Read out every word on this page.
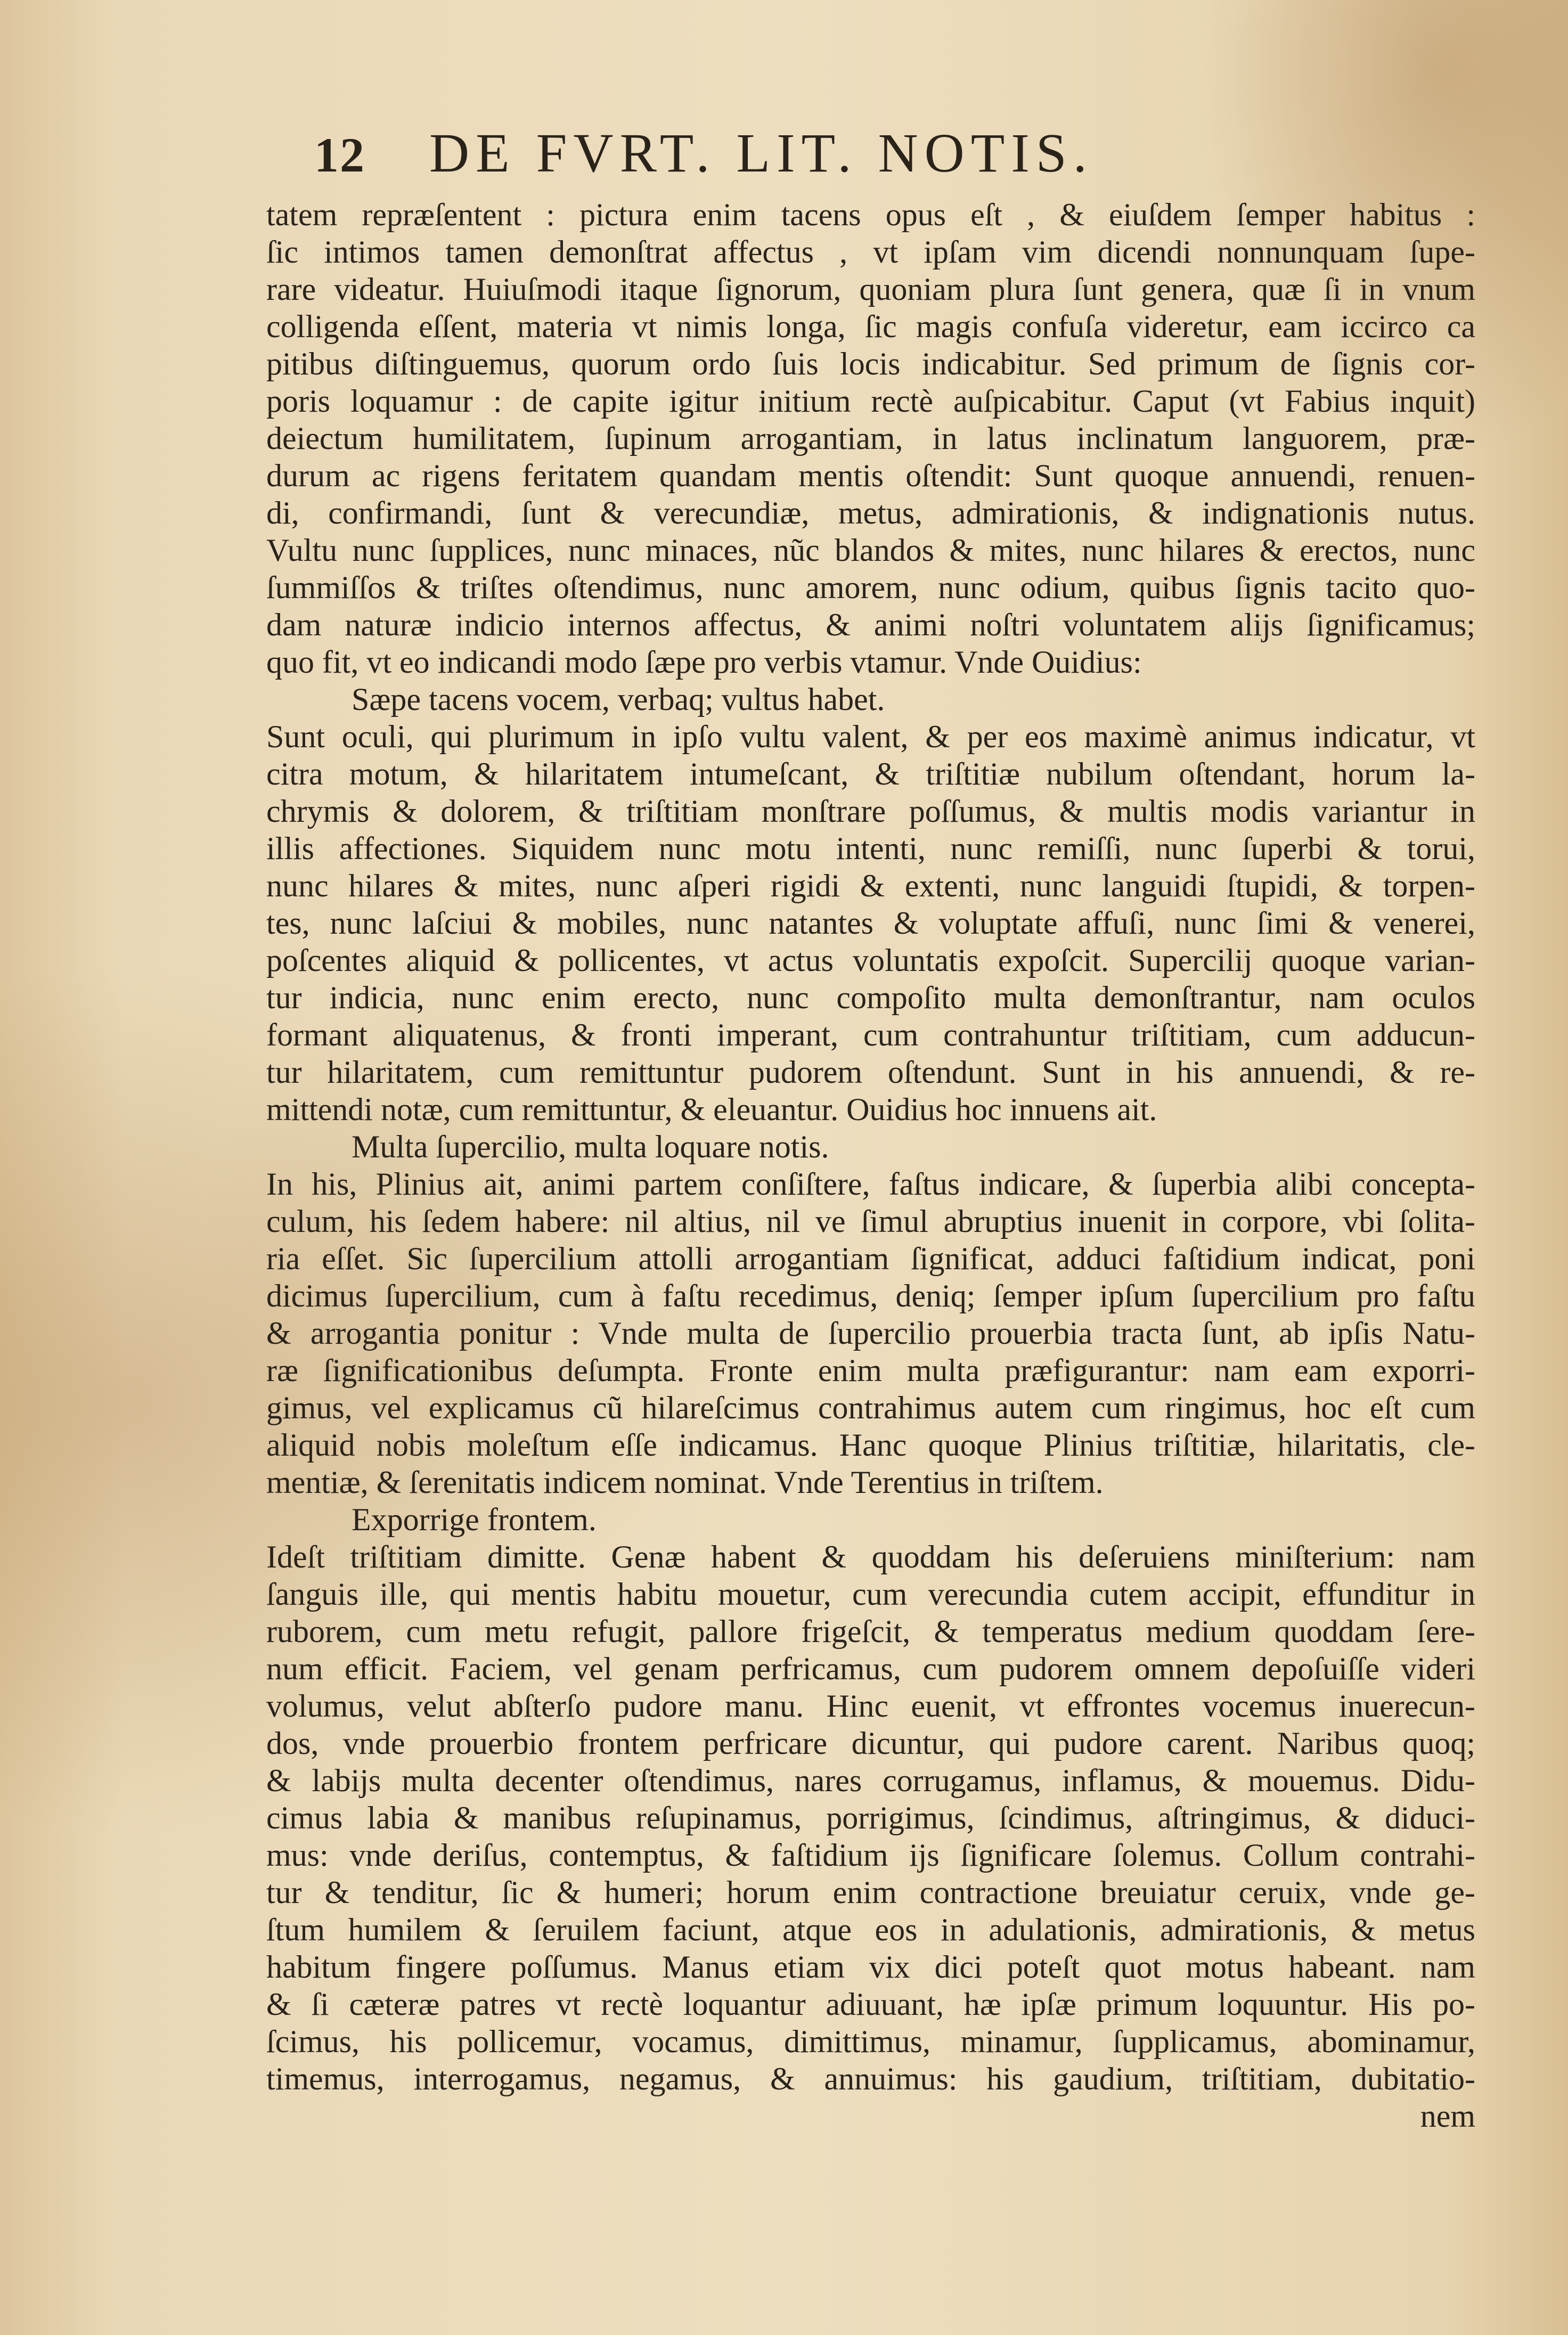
12 DE FVRT. LIT. NOTIS.
tatem repræſentent : pictura enim tacens opus eſt , & eiuſdem ſemper habitus :
ſic intimos tamen demonſtrat affectus , vt ipſam vim dicendi nonnunquam ſupe-
rare videatur. Huiuſmodi itaque ſignorum, quoniam plura ſunt genera, quæ ſi in vnum
colligenda eſſent, materia vt nimis longa, ſic magis confuſa videretur, eam iccirco ca
pitibus diſtinguemus, quorum ordo ſuis locis indicabitur. Sed primum de ſignis cor-
poris loquamur : de capite igitur initium rectè auſpicabitur. Caput (vt Fabius inquit)
deiectum humilitatem, ſupinum arrogantiam, in latus inclinatum languorem, præ-
durum ac rigens feritatem quandam mentis oſtendit: Sunt quoque annuendi, renuen-
di, confirmandi, ſunt & verecundiæ, metus, admirationis, & indignationis nutus.
Vultu nunc ſupplices, nunc minaces, nũc blandos & mites, nunc hilares & erectos, nunc
ſummiſſos & triſtes oſtendimus, nunc amorem, nunc odium, quibus ſignis tacito quo-
dam naturæ indicio internos affectus, & animi noſtri voluntatem alijs ſignificamus;
quo fit, vt eo indicandi modo ſæpe pro verbis vtamur. Vnde Ouidius:
Sæpe tacens vocem, verbaq; vultus habet.
Sunt oculi, qui plurimum in ipſo vultu valent, & per eos maximè animus indicatur, vt
citra motum, & hilaritatem intumeſcant, & triſtitiæ nubilum oſtendant, horum la-
chrymis & dolorem, & triſtitiam monſtrare poſſumus, & multis modis variantur in
illis affectiones. Siquidem nunc motu intenti, nunc remiſſi, nunc ſuperbi & torui,
nunc hilares & mites, nunc aſperi rigidi & extenti, nunc languidi ſtupidi, & torpen-
tes, nunc laſciui & mobiles, nunc natantes & voluptate affuſi, nunc ſimi & venerei,
poſcentes aliquid & pollicentes, vt actus voluntatis expoſcit. Supercilij quoque varian-
tur indicia, nunc enim erecto, nunc compoſito multa demonſtrantur, nam oculos
formant aliquatenus, & fronti imperant, cum contrahuntur triſtitiam, cum adducun-
tur hilaritatem, cum remittuntur pudorem oſtendunt. Sunt in his annuendi, & re-
mittendi notæ, cum remittuntur, & eleuantur. Ouidius hoc innuens ait.
Multa ſupercilio, multa loquare notis.
In his, Plinius ait, animi partem conſiſtere, faſtus indicare, & ſuperbia alibi concepta-
culum, his ſedem habere: nil altius, nil ve ſimul abruptius inuenit in corpore, vbi ſolita-
ria eſſet. Sic ſupercilium attolli arrogantiam ſignificat, adduci faſtidium indicat, poni
dicimus ſupercilium, cum à faſtu recedimus, deniq; ſemper ipſum ſupercilium pro faſtu
& arrogantia ponitur : Vnde multa de ſupercilio prouerbia tracta ſunt, ab ipſis Natu-
ræ ſignificationibus deſumpta. Fronte enim multa præfigurantur: nam eam exporri-
gimus, vel explicamus cũ hilareſcimus contrahimus autem cum ringimus, hoc eſt cum
aliquid nobis moleſtum eſſe indicamus. Hanc quoque Plinius triſtitiæ, hilaritatis, cle-
mentiæ, & ſerenitatis indicem nominat. Vnde Terentius in triſtem.
Exporrige frontem.
Ideſt triſtitiam dimitte. Genæ habent & quoddam his deſeruiens miniſterium: nam
ſanguis ille, qui mentis habitu mouetur, cum verecundia cutem accipit, effunditur in
ruborem, cum metu refugit, pallore frigeſcit, & temperatus medium quoddam ſere-
num efficit. Faciem, vel genam perfricamus, cum pudorem omnem depoſuiſſe videri
volumus, velut abſterſo pudore manu. Hinc euenit, vt effrontes vocemus inuerecun-
dos, vnde prouerbio frontem perfricare dicuntur, qui pudore carent. Naribus quoq;
& labijs multa decenter oſtendimus, nares corrugamus, inflamus, & mouemus. Didu-
cimus labia & manibus reſupinamus, porrigimus, ſcindimus, aſtringimus, & diduci-
mus: vnde deriſus, contemptus, & faſtidium ijs ſignificare ſolemus. Collum contrahi-
tur & tenditur, ſic & humeri; horum enim contractione breuiatur ceruix, vnde ge-
ſtum humilem & ſeruilem faciunt, atque eos in adulationis, admirationis, & metus
habitum fingere poſſumus. Manus etiam vix dici poteſt quot motus habeant. nam
& ſi cæteræ patres vt rectè loquantur adiuuant, hæ ipſæ primum loquuntur. His po-
ſcimus, his pollicemur, vocamus, dimittimus, minamur, ſupplicamus, abominamur,
timemus, interrogamus, negamus, & annuimus: his gaudium, triſtitiam, dubitatio-
nem
